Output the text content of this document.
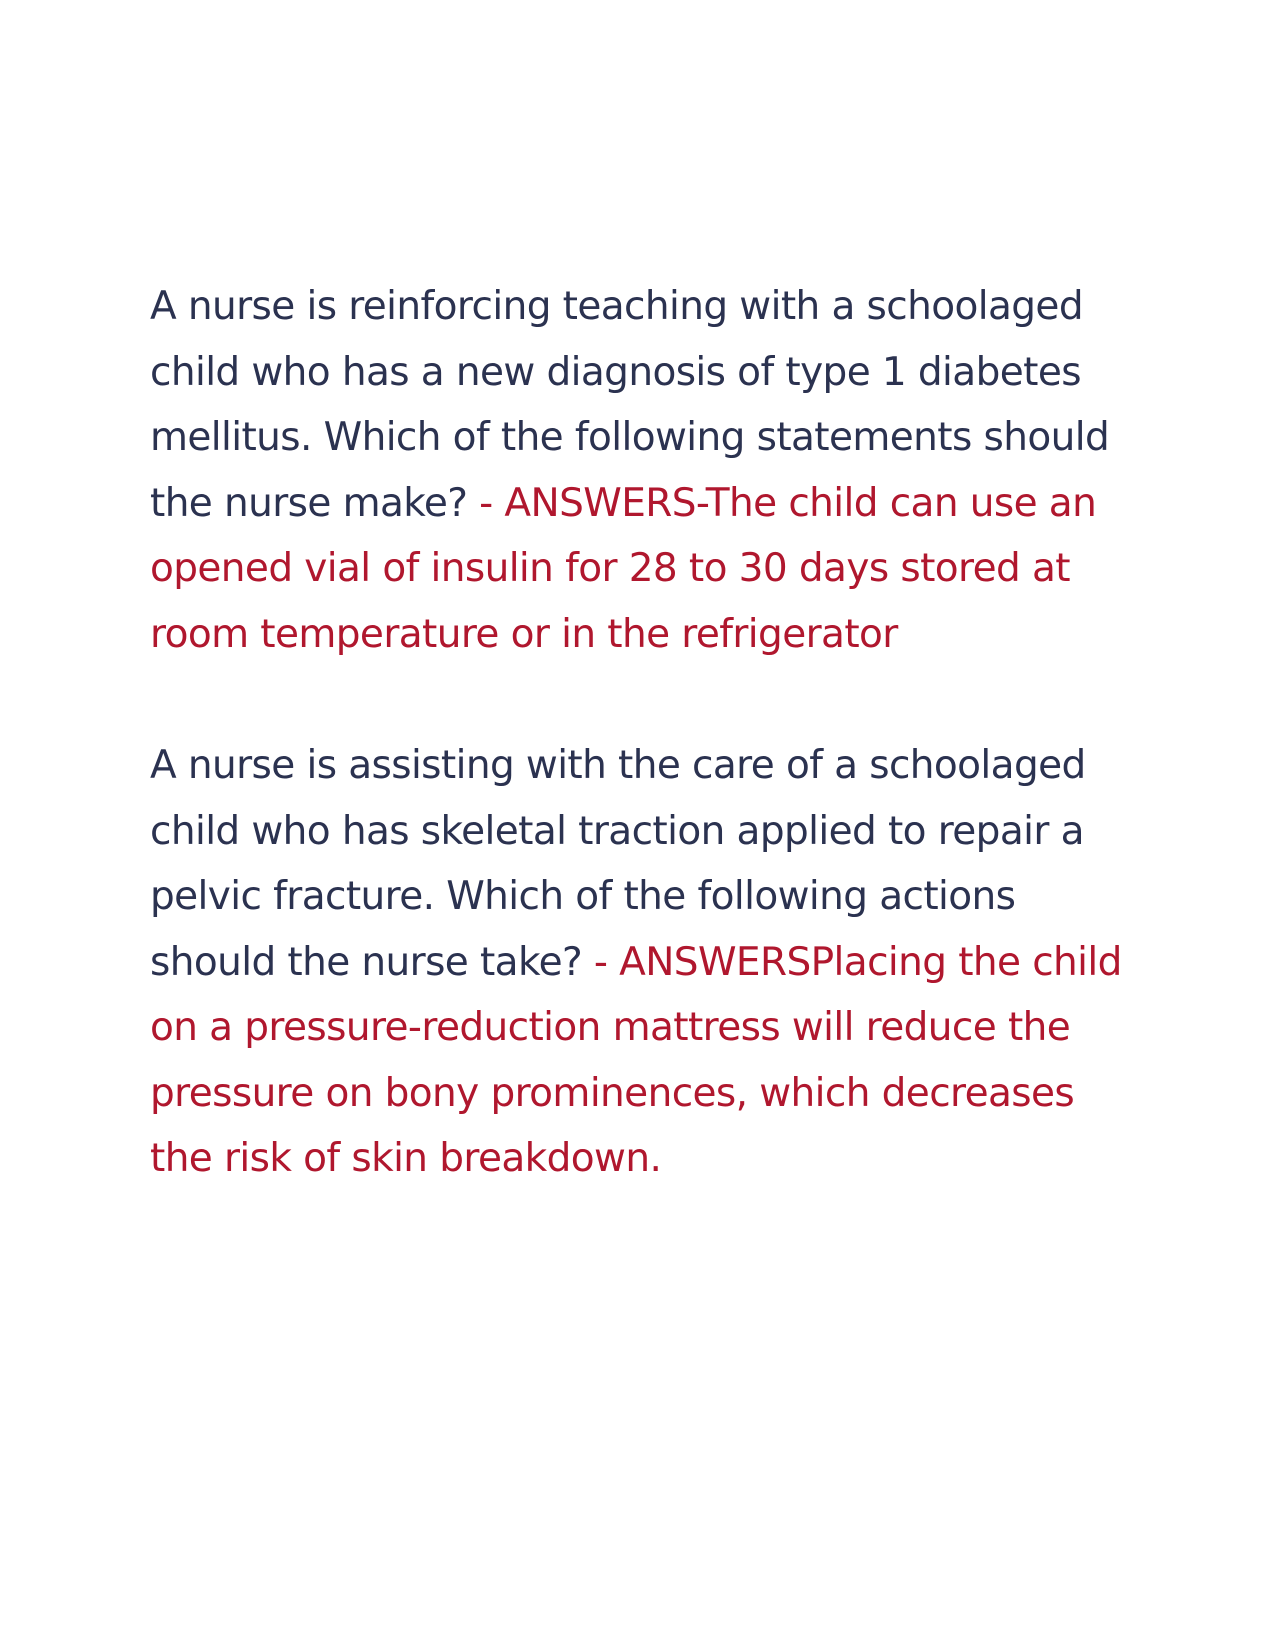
A nurse is reinforcing teaching with a schoolaged child who has a new diagnosis of type 1 diabetes mellitus. Which of the following statements should the nurse make? - ANSWERS-The child can use an opened vial of insulin for 28 to 30 days stored at room temperature or in the refrigerator

A nurse is assisting with the care of a schoolaged child who has skeletal traction applied to repair a pelvic fracture. Which of the following actions should the nurse take? - ANSWERSPlacing the child on a pressure-reduction mattress will reduce the pressure on bony prominences, which decreases the risk of skin breakdown.
